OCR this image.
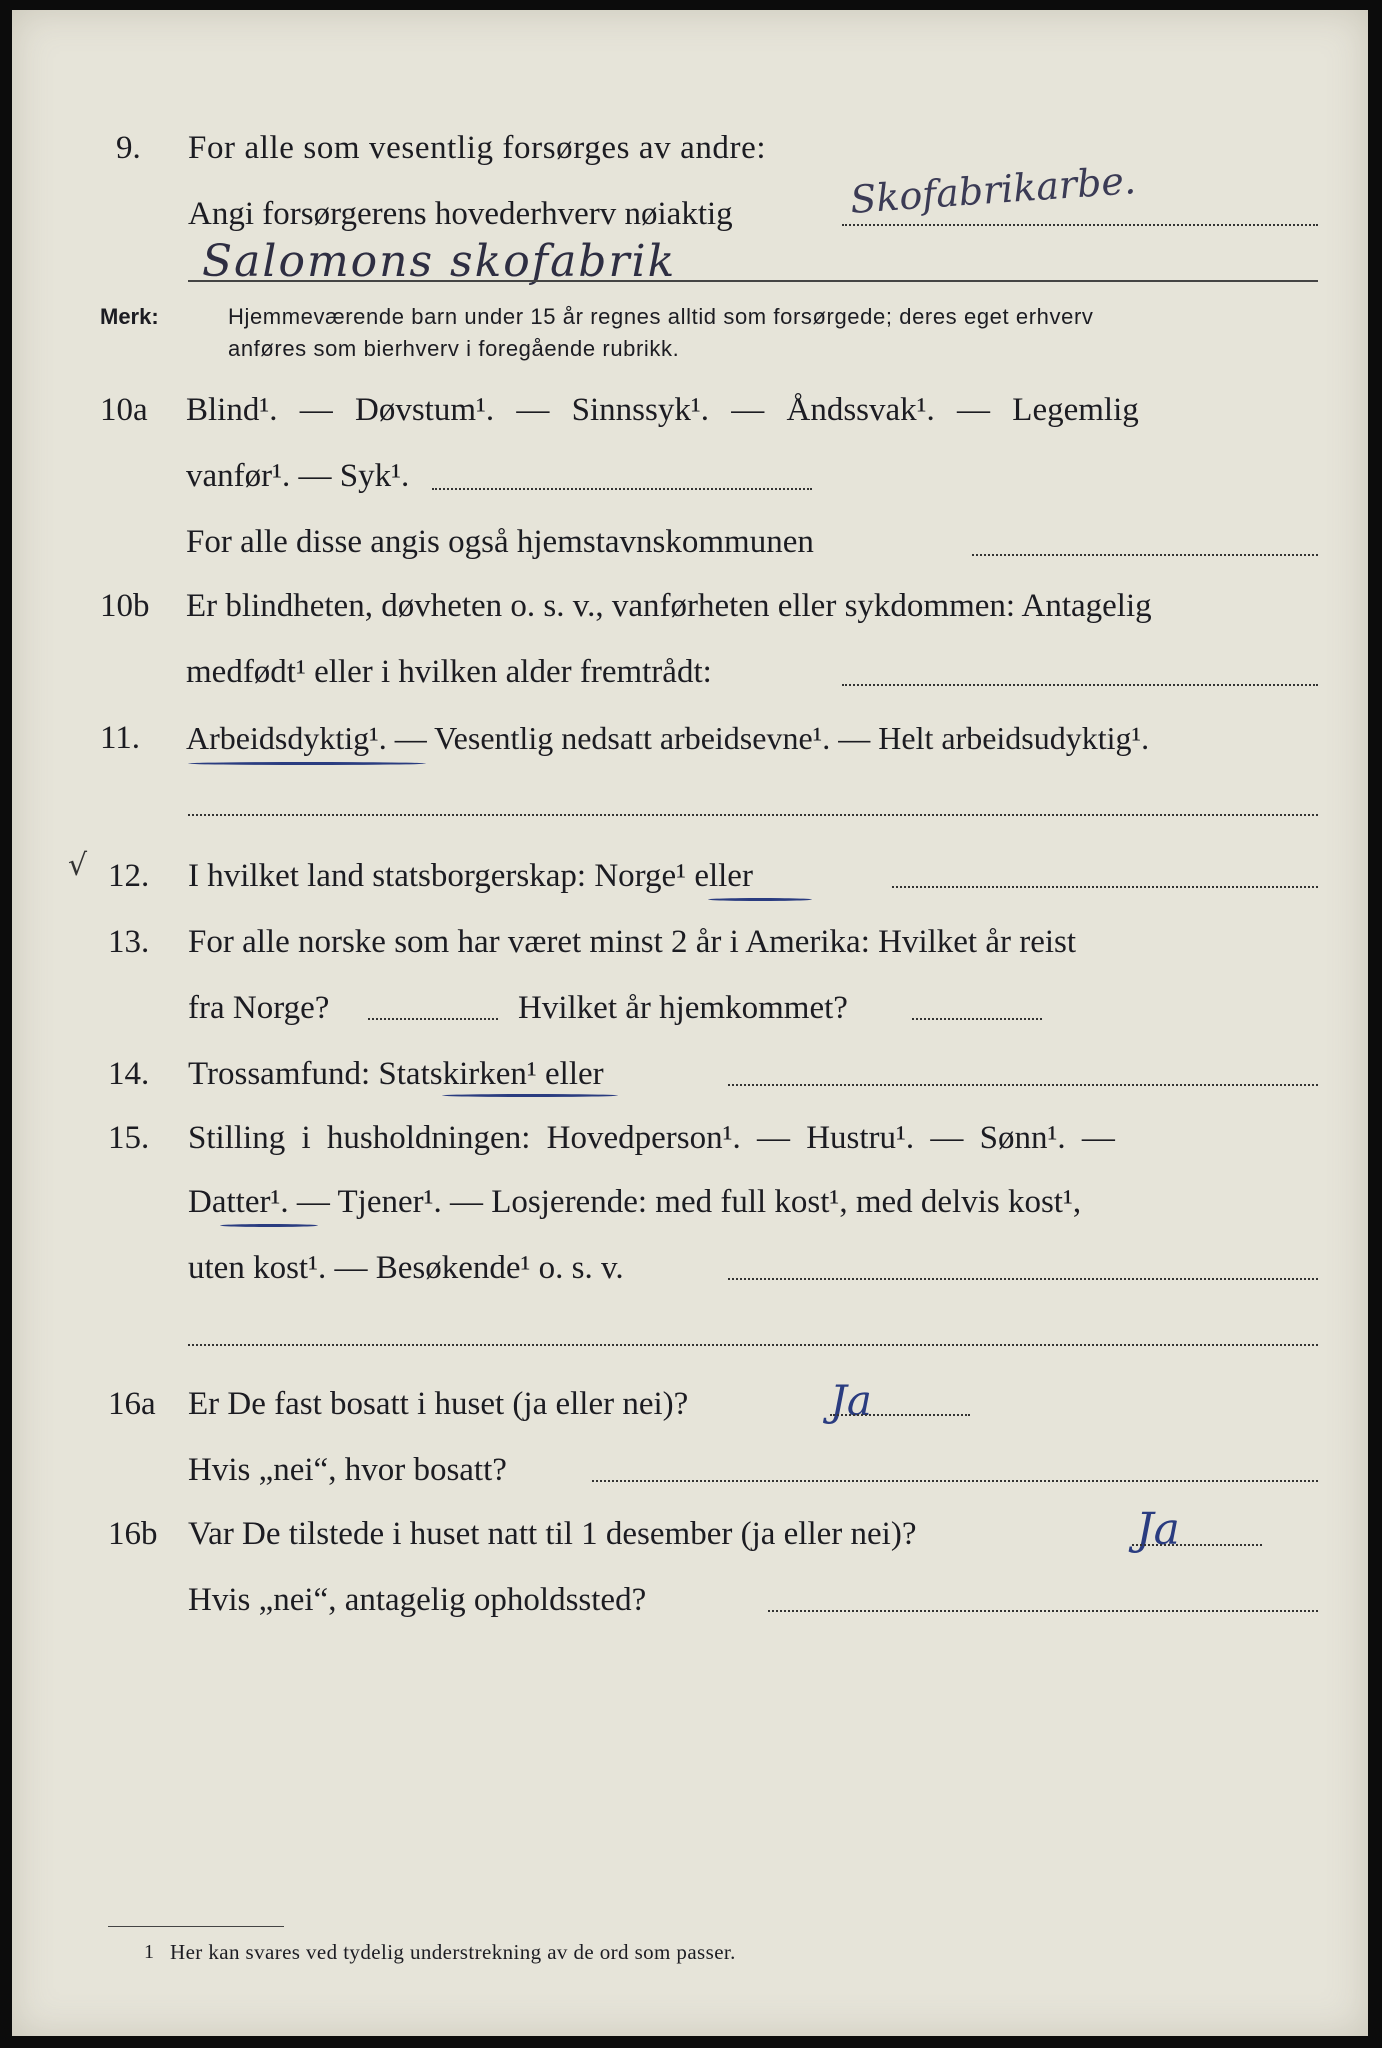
9. For alle som vesentlig forsørges av andre:
Angi forsørgerens hovederhverv nøiaktig	Skofabrikarbe.
Salomons skofabrik
Merk:	Hjemmeværende barn under 15 år regnes alltid som forsørgede; deres eget erhverv
anføres som bierhverv i foregående rubrikk.
10a Blind¹. — Døvstum¹. — Sinnssyk¹. — Åndssvak¹. — Legemlig
vanfør¹. — Syk¹.
For alle disse angis også hjemstavnskommunen
10b Er blindheten, døvheten o. s. v., vanførheten eller sykdommen: Antagelig
medfødt¹ eller i hvilken alder fremtrådt:
11. Arbeidsdyktig¹. — Vesentlig nedsatt arbeidsevne¹. — Helt arbeidsudyktig¹.
√ 12. I hvilket land statsborgerskap: Norge¹ eller
13. For alle norske som har været minst 2 år i Amerika: Hvilket år reist
fra Norge?	Hvilket år hjemkommet?
14. Trossamfund: Statskirken¹ eller
15. Stilling i husholdningen: Hovedperson¹. — Hustru¹. — Sønn¹. —
Datter¹. — Tjener¹. — Losjerende: med full kost¹, med delvis kost¹,
uten kost¹. — Besøkende¹ o. s. v.
16a Er De fast bosatt i huset (ja eller nei)?	Ja
Hvis „nei“, hvor bosatt?
16b Var De tilstede i huset natt til 1 desember (ja eller nei)?	Ja
Hvis „nei“, antagelig opholdssted?
1 Her kan svares ved tydelig understrekning av de ord som passer.
